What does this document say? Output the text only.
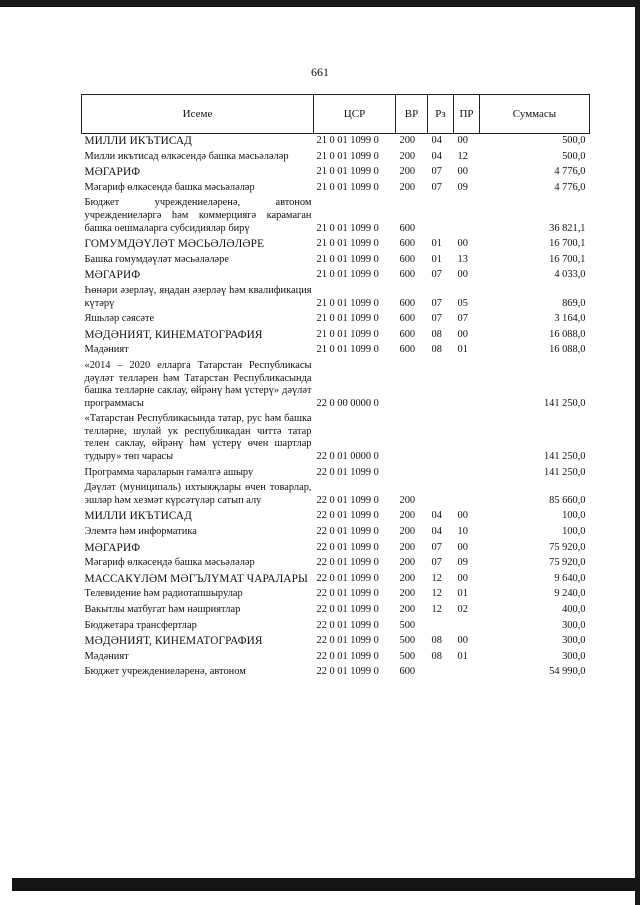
661
Исеме	ЦСР	ВР	Рз	ПР	Суммасы
МИЛЛИ ИКЪТИСАД	21 0 01 1099 0	200	04	00	500,0
Милли икътисад өлкәсендә башка мәсьәләләр	21 0 01 1099 0	200	04	12	500,0
МӘГАРИФ	21 0 01 1099 0	200	07	00	4 776,0
Мәгариф өлкәсендә башка мәсьәләләр	21 0 01 1099 0	200	07	09	4 776,0
Бюджет учреждениеләренә, автоном учреждениеләргә һәм коммерциягә карамаган башка оешмаларга субсидияләр бирү	21 0 01 1099 0	600			36 821,1
ГОМУМДӘҮЛӘТ МӘСЬӘЛӘЛӘРЕ	21 0 01 1099 0	600	01	00	16 700,1
Башка гомумдәүләт мәсьәләләре	21 0 01 1099 0	600	01	13	16 700,1
МӘГАРИФ	21 0 01 1099 0	600	07	00	4 033,0
Һөнәри әзерләү, яңадан әзерләү һәм квалификация күтәрү	21 0 01 1099 0	600	07	05	869,0
Яшьләр сәясәте	21 0 01 1099 0	600	07	07	3 164,0
МӘДӘНИЯТ, КИНЕМАТОГРАФИЯ	21 0 01 1099 0	600	08	00	16 088,0
Мәдәният	21 0 01 1099 0	600	08	01	16 088,0
«2014 – 2020 елларга Татарстан Республикасы дәүләт телләрен һәм Татарстан Республикасында башка телләрне саклау, өйрәнү һәм үстерү» дәүләт программасы	22 0 00 0000 0				141 250,0
«Татарстан Республикасында татар, рус һәм башка телләрне, шулай ук республикадан читтә татар телен саклау, өйрәнү һәм үстерү өчен шартлар тудыру» төп чарасы	22 0 01 0000 0				141 250,0
Программа чараларын гамәлгә ашыру	22 0 01 1099 0				141 250,0
Дәүләт (муниципаль) ихтыяҗлары өчен товарлар, эшләр һәм хезмәт күрсәтүләр сатып алу	22 0 01 1099 0	200			85 660,0
МИЛЛИ ИКЪТИСАД	22 0 01 1099 0	200	04	00	100,0
Элемтә һәм информатика	22 0 01 1099 0	200	04	10	100,0
МӘГАРИФ	22 0 01 1099 0	200	07	00	75 920,0
Мәгариф өлкәсендә башка мәсьәләләр	22 0 01 1099 0	200	07	09	75 920,0
МАССАКҮЛӘМ МӘГЪЛҮМАТ ЧАРАЛАРЫ	22 0 01 1099 0	200	12	00	9 640,0
Телевидение һәм радиотапшырулар	22 0 01 1099 0	200	12	01	9 240,0
Вакытлы матбугат һәм нәшриятлар	22 0 01 1099 0	200	12	02	400,0
Бюджетара трансфертлар	22 0 01 1099 0	500			300,0
МӘДӘНИЯТ, КИНЕМАТОГРАФИЯ	22 0 01 1099 0	500	08	00	300,0
Мәдәният	22 0 01 1099 0	500	08	01	300,0
Бюджет учреждениеләренә, автоном	22 0 01 1099 0	600			54 990,0
